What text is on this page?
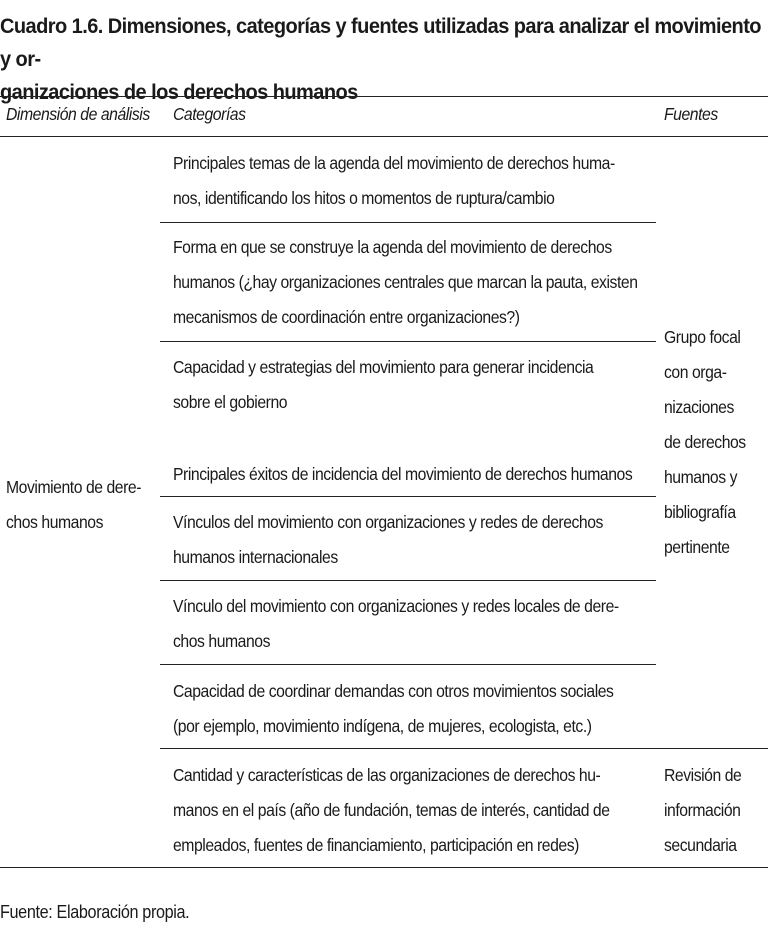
Cuadro 1.6. Dimensiones, categorías y fuentes utilizadas para analizar el movimiento y or-
ganizaciones de los derechos humanos
Dimensión de análisis Categorías	Fuentes
Movimiento de dere-
chos humanos
Principales temas de la agenda del movimiento de derechos huma-
nos, identificando los hitos o momentos de ruptura/cambio
Forma en que se construye la agenda del movimiento de derechos
humanos (¿hay organizaciones centrales que marcan la pauta, existen
mecanismos de coordinación entre organizaciones?)
Capacidad y estrategias del movimiento para generar incidencia
sobre el gobierno
Principales éxitos de incidencia del movimiento de derechos humanos
Vínculos del movimiento con organizaciones y redes de derechos
humanos internacionales
Vínculo del movimiento con organizaciones y redes locales de dere-
chos humanos
Capacidad de coordinar demandas con otros movimientos sociales
(por ejemplo, movimiento indígena, de mujeres, ecologista, etc.)
Cantidad y características de las organizaciones de derechos hu-
manos en el país (año de fundación, temas de interés, cantidad de
empleados, fuentes de financiamiento, participación en redes)
Grupo focal
con orga-
nizaciones
de derechos
humanos y
bibliografía
pertinente
Revisión de
información
secundaria
Fuente: Elaboración propia.
